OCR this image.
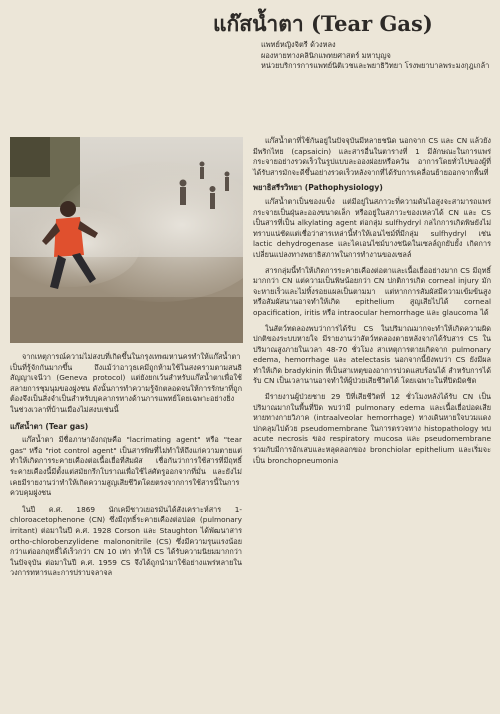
แก๊สน้ำตา (Tear Gas)
แพทย์หญิงจิตรี ด้วงหลง
ผองหายทางคลินิกแพทยศาสตร์ มหาบุญจ
หน่วยบริการการแพทย์นิติเวชและพยาธิวิทยา โรงพยาบาลพระมงกุฎเกล้า

จากเหตุการณ์ความไม่สงบที่เกิดขึ้นในกรุงเทพมหานครทำให้แก๊สน้ำตาเป็นที่รู้จักกันมากขึ้น ถึงแม้ว่าอาวุธเคมีถูกห้ามใช้ในสงครามตามสนธิสัญญาเจนีวา (Geneva protocol) แต่ยังยกเว้นสำหรับแก๊สน้ำตาเพื่อใช้สลายการชุมนุมของฝูงชน ดังนั้นการทำความรู้จักตลอดจนให้การรักษาที่ถูกต้องจึงเป็นสิ่งจำเป็นสำหรับบุคลากรทางด้านการแพทย์โดยเฉพาะอย่างยิ่งในช่วงเวลาที่บ้านเมืองไม่สงบเช่นนี้

แก๊สน้ำตา (Tear gas)

แก๊สน้ำตา มีชื่อภาษาอังกฤษคือ "lacrimating agent" หรือ "tear gas" หรือ "riot control agent" เป็นสารพิษที่ไม่ทำให้ถึงแก่ความตายแต่ทำให้เกิดการระคายเคืองต่อเนื้อเยื่อที่สัมผัส เชื่อกันว่าการใช้สารที่มีฤทธิ์ระคายเคืองนี้มีตั้งแต่สมัยกรีกโบราณเพื่อใช้ไล่ศัตรูออกจากที่มั่น และยังไม่เคยมีรายงานว่าทำให้เกิดความสูญเสียชีวิตโดยตรงจากการใช้สารนี้ในการควบคุมฝูงชน

ในปี ค.ศ. 1869 นักเคมีชาวเยอรมันได้สังเคราะห์สาร 1-chloroacetophenone (CN) ซึ่งมีฤทธิ์ระคายเคืองต่อปอด (pulmonary irritant) ต่อมาในปี ค.ศ. 1928 Corson และ Staughton ได้พัฒนาสาร ortho-chlorobenzylidene malononitrile (CS) ซึ่งมีความรุนแรงน้อยกว่าแต่ออกฤทธิ์ได้เร็วกว่า CN 10 เท่า ทำให้ CS ได้รับความนิยมมากกว่าในปัจจุบัน ต่อมาในปี ค.ศ. 1959 CS จึงได้ถูกนำมาใช้อย่างแพร่หลายในวงการทหารและการปราบจลาจล

แก๊สน้ำตาที่ใช้กันอยู่ในปัจจุบันมีหลายชนิด นอกจาก CS และ CN แล้วยังมีพริกไทย (capsaicin) และสารอื่นในตารางที่ 1 มีลักษณะในการแพร่กระจายอย่างรวดเร็วในรูปแบบละอองฝอยหรือควัน อาการโดยทั่วไปของผู้ที่ได้รับสารมักจะดีขึ้นอย่างรวดเร็วหลังจากที่ได้รับการเคลื่อนย้ายออกจากพื้นที่

พยาธิสรีรวิทยา (Pathophysiology)

แก๊สน้ำตาเป็นของแข็ง แต่มีอยู่ในสภาวะที่ความดันไอสูงจะสามารถแพร่กระจายเป็นฝุ่นละอองขนาดเล็ก หรืออยู่ในสภาวะของเหลวได้ CN และ CS เป็นสารที่เป็น alkylating agent ต่อกลุ่ม sulfhydryl กลไกการเกิดพิษยังไม่ทราบแน่ชัดแต่เชื่อว่าสารเหล่านี้ทำให้เอนไซม์ที่มีกลุ่ม sulfhydryl เช่น lactic dehydrogenase และไคเอนไซม์บางชนิดในเซลล์ถูกยับยั้ง เกิดการเปลี่ยนแปลงทางพยาธิสภาพในการทำงานของเซลล์

สารกลุ่มนี้ทำให้เกิดการระคายเคืองต่อตาและเนื้อเยื่ออย่างมาก CS มีฤทธิ์มากกว่า CN แต่ความเป็นพิษน้อยกว่า CN ปกติการเกิด corneal injury มักจะหายเร็วและไม่ทิ้งรอยแผลเป็นตามมา แต่หากการสัมผัสมีความเข้มข้นสูงหรือสัมผัสนานอาจทำให้เกิด epithelium สูญเสียไปได้ corneal opacification, iritis หรือ intraocular hemorrhage และ glaucoma ได้

ในสัตว์ทดลองพบว่าการได้รับ CS ในปริมาณมากจะทำให้เกิดความผิดปกติของระบบหายใจ มีรายงานว่าสัตว์ทดลองตายหลังจากได้รับสาร CS ในปริมาณสูงภายในเวลา 48-70 ชั่วโมง สาเหตุการตายเกิดจาก pulmonary edema, hemorrhage และ atelectasis นอกจากนี้ยังพบว่า CS ยังมีผลทำให้เกิด bradykinin ที่เป็นสาเหตุของอาการปวดแสบร้อนได้ สำหรับการได้รับ CN เป็นเวลานานอาจทำให้ผู้ป่วยเสียชีวิตได้ โดยเฉพาะในที่ปิดมิดชิด

มีรายงานผู้ป่วยชาย 29 ปีที่เสียชีวิตที่ 12 ชั่วโมงหลังได้รับ CN เป็นปริมาณมากในพื้นที่ปิด พบว่ามี pulmonary edema และเนื้อเยื่อปอดเสียหายทางกายวิภาค (intraalveolar hemorrhage) ทางเดินหายใจบวมแดงปกคลุมไปด้วย pseudomembrane ในการตรวจทาง histopathology พบ acute necrosis ของ respiratory mucosa และ pseudomembrane รวมกับมีการอักเสบและหลุดลอกของ bronchiolar epithelium และเริ่มจะเป็น bronchopneumonia
